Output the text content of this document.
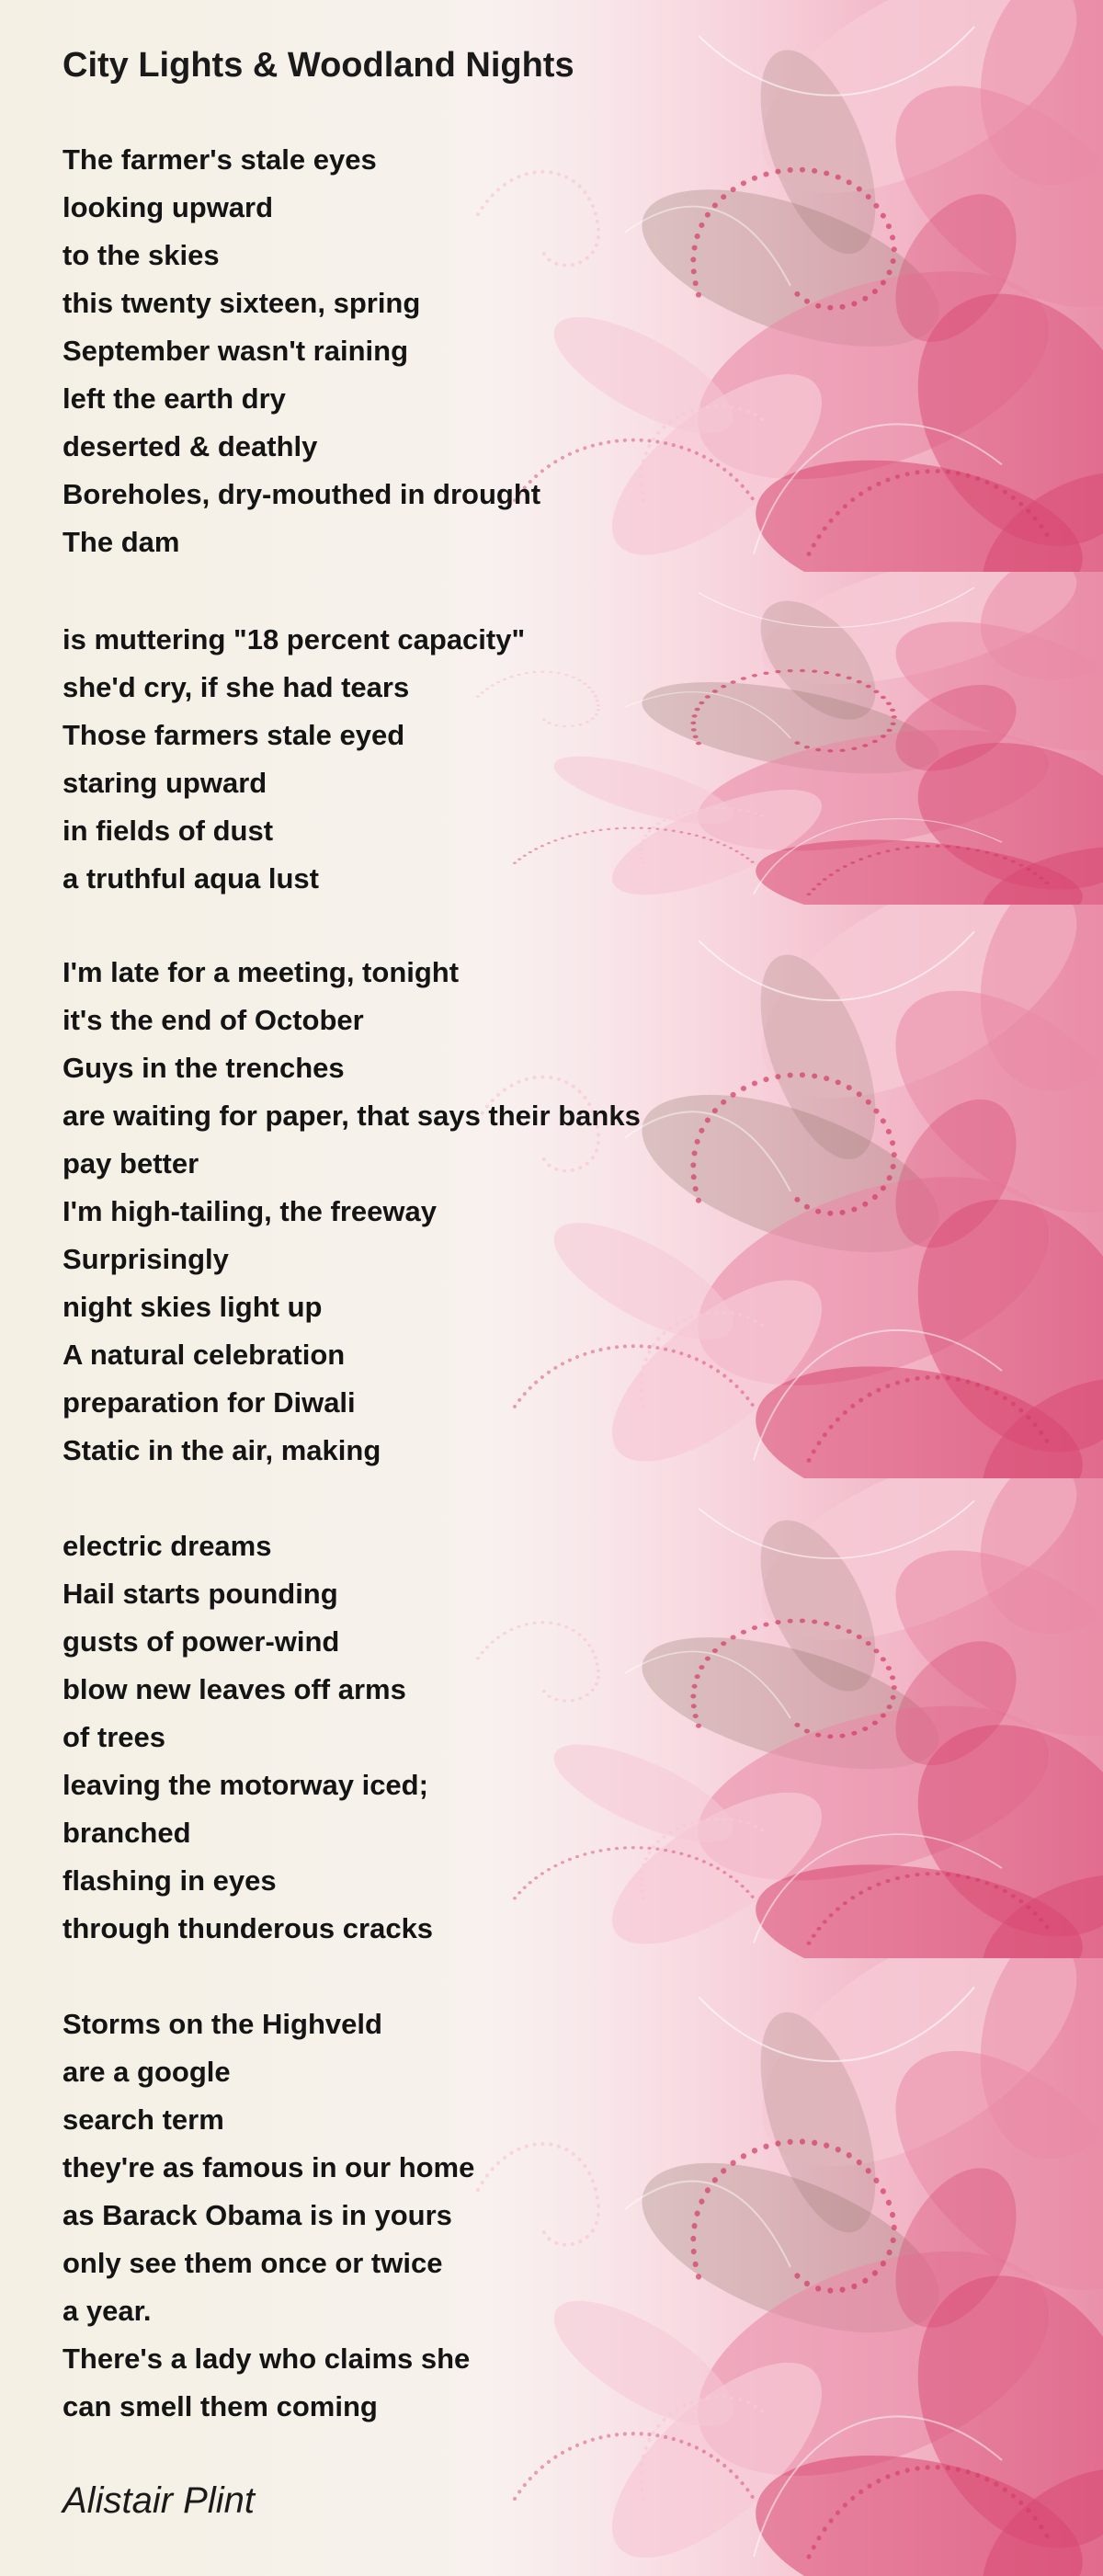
City Lights & Woodland Nights
The farmer's stale eyes
looking upward
to the skies
this twenty sixteen, spring
September wasn't raining
left the earth dry
deserted & deathly
Boreholes, dry-mouthed in drought
The dam
is muttering "18 percent capacity"
she'd cry, if she had tears
Those farmers stale eyed
staring upward
in fields of dust
a truthful aqua lust
I'm late for a meeting, tonight
it's the end of October
Guys in the trenches
are waiting for paper, that says their banks
pay better
I'm high-tailing, the freeway
Surprisingly
night skies light up
A natural celebration
preparation for Diwali
Static in the air, making
electric dreams
Hail starts pounding
gusts of power-wind
blow new leaves off arms
of trees
leaving the motorway iced;
branched
flashing in eyes
through thunderous cracks
Storms on the Highveld
are a google
search term
they're as famous in our home
as Barack Obama is in yours
only see them once or twice
a year.
There's a lady who claims she
can smell them coming
Alistair Plint
